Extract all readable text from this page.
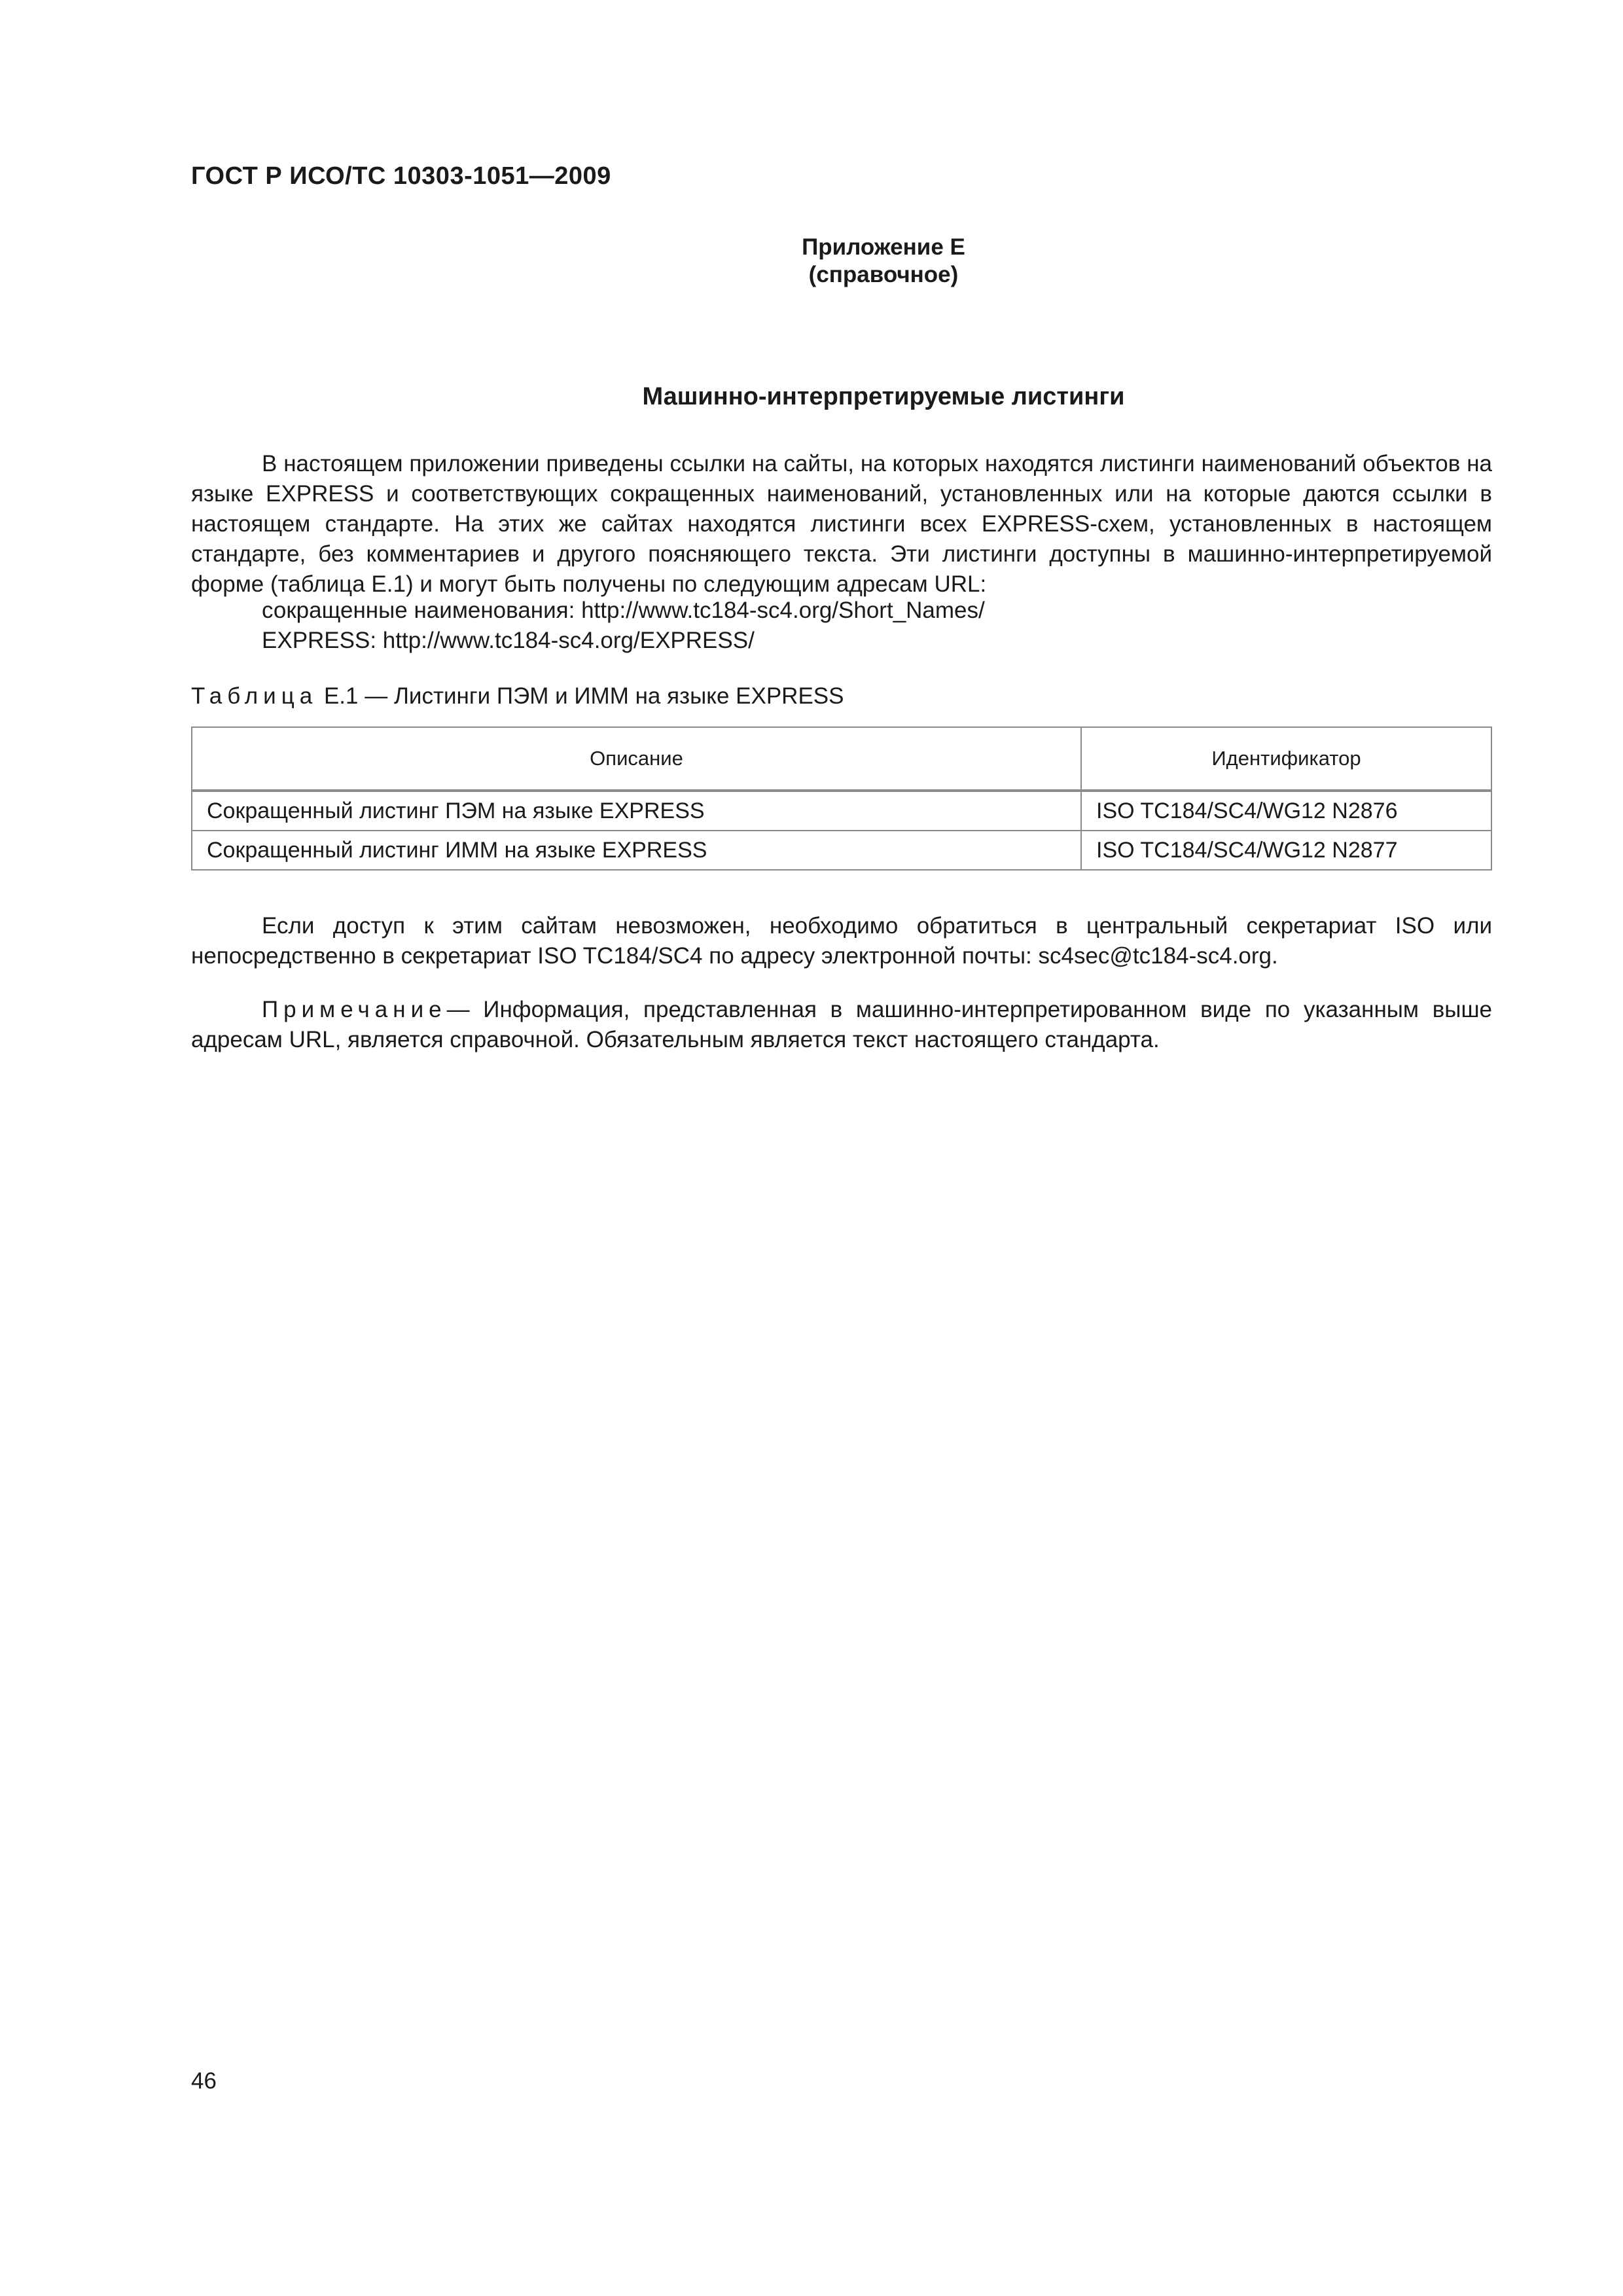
ГОСТ Р ИСО/ТС 10303-1051—2009
Приложение Е
(справочное)
Машинно-интерпретируемые листинги
В настоящем приложении приведены ссылки на сайты, на которых находятся листинги наименований объектов на языке EXPRESS и соответствующих сокращенных наименований, установленных или на которые даются ссылки в настоящем стандарте. На этих же сайтах находятся листинги всех EXPRESS-схем, установленных в настоящем стандарте, без комментариев и другого поясняющего текста. Эти листинги доступны в машинно-интерпретируемой форме (таблица Е.1) и могут быть получены по следующим адресам URL:
сокращенные наименования: http://www.tc184-sc4.org/Short_Names/
EXPRESS: http://www.tc184-sc4.org/EXPRESS/
Таблица Е.1 — Листинги ПЭМ и ИММ на языке EXPRESS
Описание	Идентификатор
Сокращенный листинг ПЭМ на языке EXPRESS	ISO TC184/SC4/WG12 N2876
Сокращенный листинг ИММ на языке EXPRESS	ISO TC184/SC4/WG12 N2877
Если доступ к этим сайтам невозможен, необходимо обратиться в центральный секретариат ISO или непосредственно в секретариат ISO TC184/SC4 по адресу электронной почты: sc4sec@tc184-sc4.org.
Примечание— Информация, представленная в машинно-интерпретированном виде по указанным выше адресам URL, является справочной. Обязательным является текст настоящего стандарта.
46
